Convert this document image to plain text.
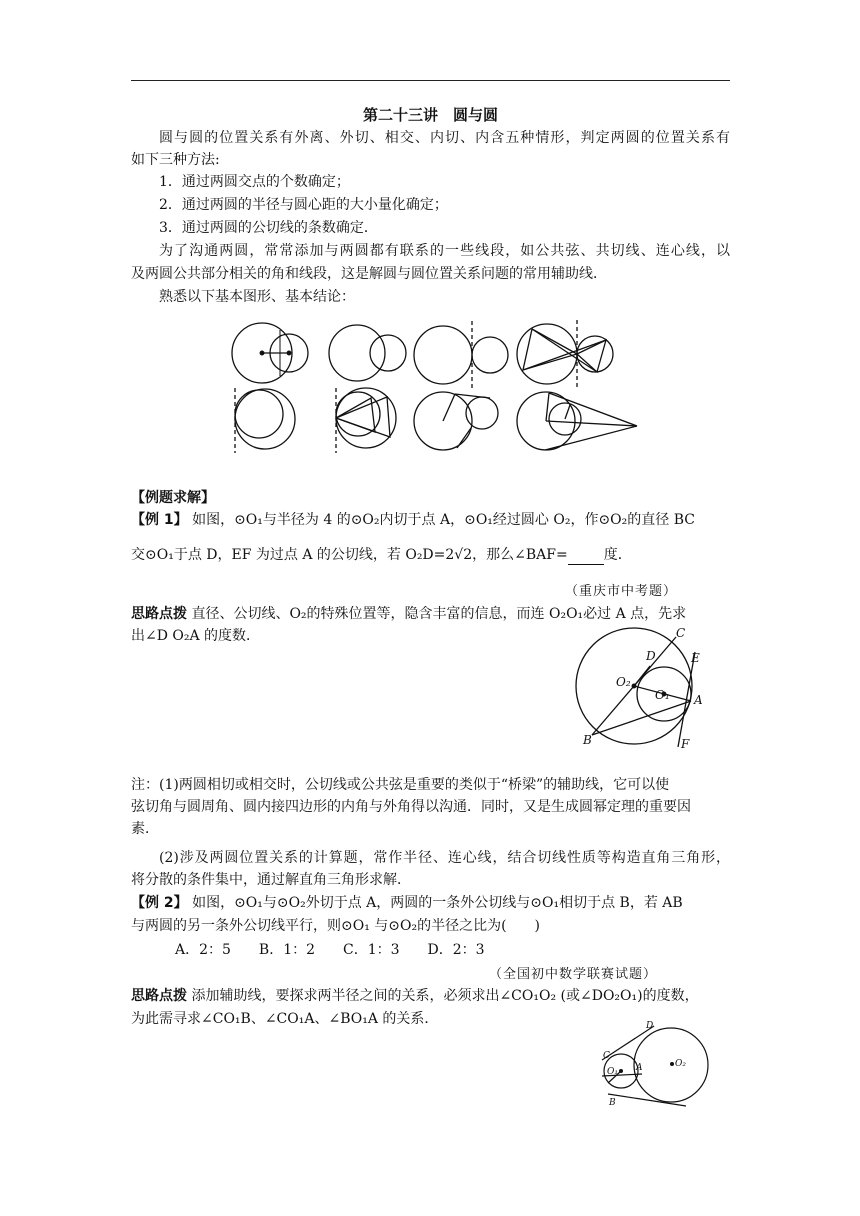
第二十三讲　圆与圆
圆与圆的位置关系有外离、外切、相交、内切、内含五种情形，判定两圆的位置关系有
如下三种方法:
1．通过两圆交点的个数确定；
2．通过两圆的半径与圆心距的大小量化确定；
3．通过两圆的公切线的条数确定．
为了沟通两圆，常常添加与两圆都有联系的一些线段，如公共弦、共切线、连心线，以
及两圆公共部分相关的角和线段，这是解圆与圆位置关系问题的常用辅助线．
熟悉以下基本图形、基本结论：
【例题求解】
【例 1】 如图，⊙O₁与半径为 4 的⊙O₂内切于点 A，⊙O₁经过圆心 O₂，作⊙O₂的直径 BC
交⊙O₁于点 D，EF 为过点 A 的公切线，若 O₂D=2√2，那么∠BAF=	度．
（重庆市中考题）
思路点拨 直径、公切线、O₂的特殊位置等，隐含丰富的信息，而连 O₂O₁必过 A 点，先求
出∠D O₂A 的度数．	C
D	E
O₂
O₁ A
B	F
注：(1)两圆相切或相交时，公切线或公共弦是重要的类似于“桥梁”的辅助线，它可以使
弦切角与圆周角、圆内接四边形的内角与外角得以沟通．同时，又是生成圆幂定理的重要因
素．
(2)涉及两圆位置关系的计算题，常作半径、连心线，结合切线性质等构造直角三角形，
将分散的条件集中，通过解直角三角形求解．
【例 2】 如图，⊙O₁与⊙O₂外切于点 A，两圆的一条外公切线与⊙O₁相切于点 B，若 AB
与两圆的另一条外公切线平行，则⊙O₁ 与⊙O₂的半径之比为(　　)
A．2：5　　B．1：2　　C．1：3　　D．2：3
（全国初中数学联赛试题）
思路点拨 添加辅助线，要探求两半径之间的关系，必须求出∠CO₁O₂ (或∠DO₂O₁)的度数，
为此需寻求∠CO₁B、∠CO₁A、∠BO₁A 的关系．	D
C
O₁ A	O₂
B
